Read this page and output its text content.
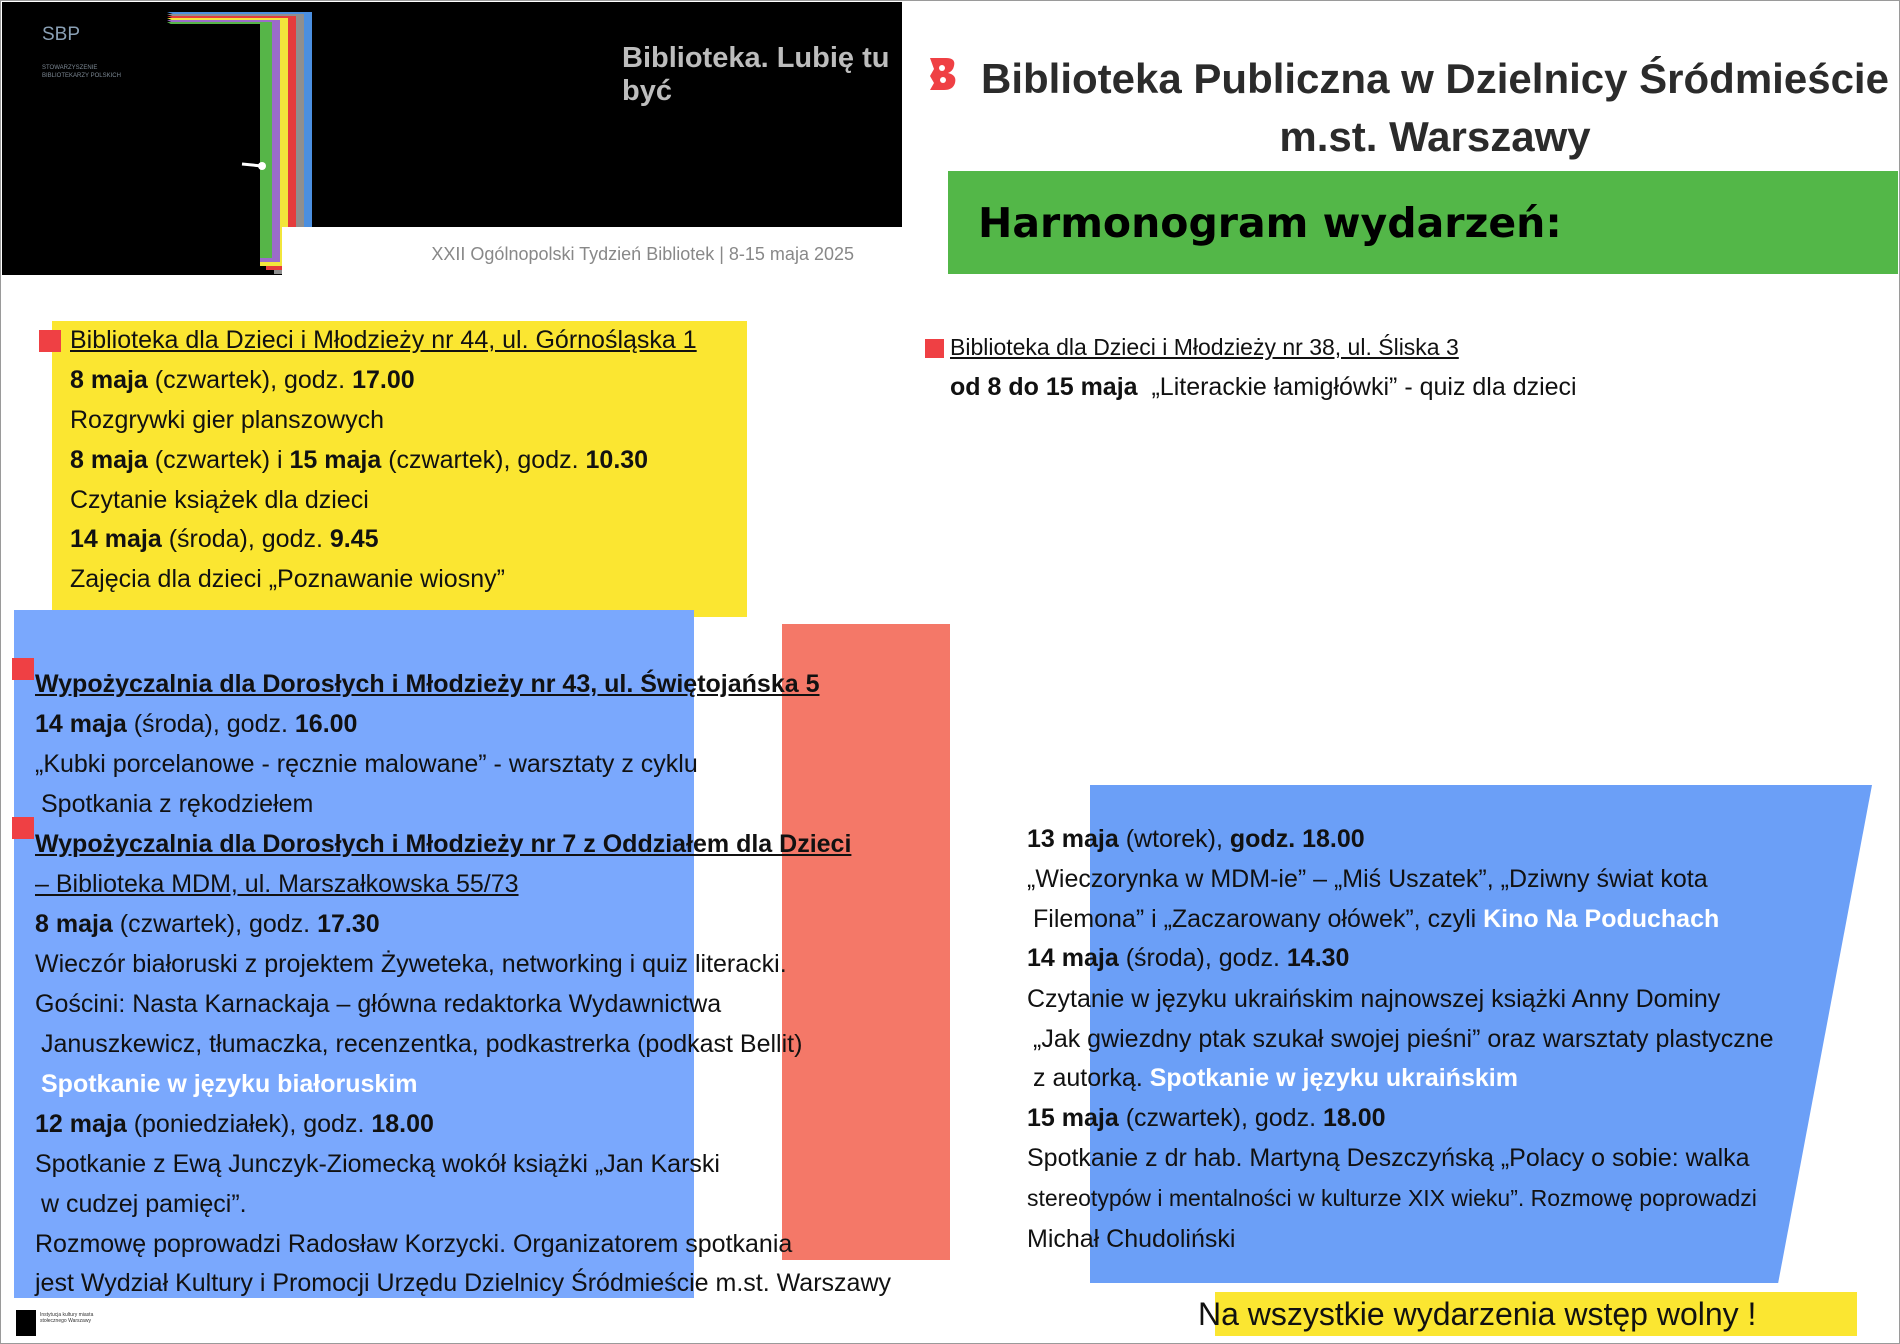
SBP
STOWARZYSZENIE BIBLIOTEKARZY POLSKICH
Biblioteka. Lubię tu być
XXII Ogólnopolski Tydzień Bibliotek | 8-15 maja 2025
Biblioteka Publiczna w Dzielnicy Śródmieście
m.st. Warszawy
Harmonogram wydarzeń:
Biblioteka dla Dzieci i Młodzieży nr 44, ul. Górnośląska 1
8 maja (czwartek), godz. 17.00
Rozgrywki gier planszowych
8 maja (czwartek) i 15 maja (czwartek), godz. 10.30
Czytanie książek dla dzieci
14 maja (środa), godz. 9.45
Zajęcia dla dzieci „Poznawanie wiosny”
Biblioteka dla Dzieci i Młodzieży nr 38, ul. Śliska 3
od 8 do 15 maja „Literackie łamigłówki” - quiz dla dzieci
Wypożyczalnia dla Dorosłych i Młodzieży nr 43, ul. Świętojańska 5
14 maja (środa), godz. 16.00
„Kubki porcelanowe - ręcznie malowane” - warsztaty z cyklu
Spotkania z rękodziełem
Wypożyczalnia dla Dorosłych i Młodzieży nr 7 z Oddziałem dla Dzieci
– Biblioteka MDM, ul. Marszałkowska 55/73
8 maja (czwartek), godz. 17.30
Wieczór białoruski z projektem Żyweteka, networking i quiz literacki.
Gościni: Nasta Karnackaja – główna redaktorka Wydawnictwa
Januszkewicz, tłumaczka, recenzentka, podkastrerka (podkast Bellit)
Spotkanie w języku białoruskim
12 maja (poniedziałek), godz. 18.00
Spotkanie z Ewą Junczyk-Ziomecką wokół książki „Jan Karski
w cudzej pamięci”.
Rozmowę poprowadzi Radosław Korzycki. Organizatorem spotkania
jest Wydział Kultury i Promocji Urzędu Dzielnicy Śródmieście m.st. Warszawy
13 maja (wtorek), godz. 18.00
„Wieczorynka w MDM-ie” – „Miś Uszatek”, „Dziwny świat kota
Filemona” i „Zaczarowany ołówek”, czyli Kino Na Poduchach
14 maja (środa), godz. 14.30
Czytanie w języku ukraińskim najnowszej książki Anny Dominy
„Jak gwiezdny ptak szukał swojej pieśni” oraz warsztaty plastyczne
z autorką. Spotkanie w języku ukraińskim
15 maja (czwartek), godz. 18.00
Spotkanie z dr hab. Martyną Deszczyńską „Polacy o sobie: walka
stereotypów i mentalności w kulturze XIX wieku”. Rozmowę poprowadzi
Michał Chudoliński
Na wszystkie wydarzenia wstęp wolny !
Instytucja kultury miasta stołecznego Warszawy
